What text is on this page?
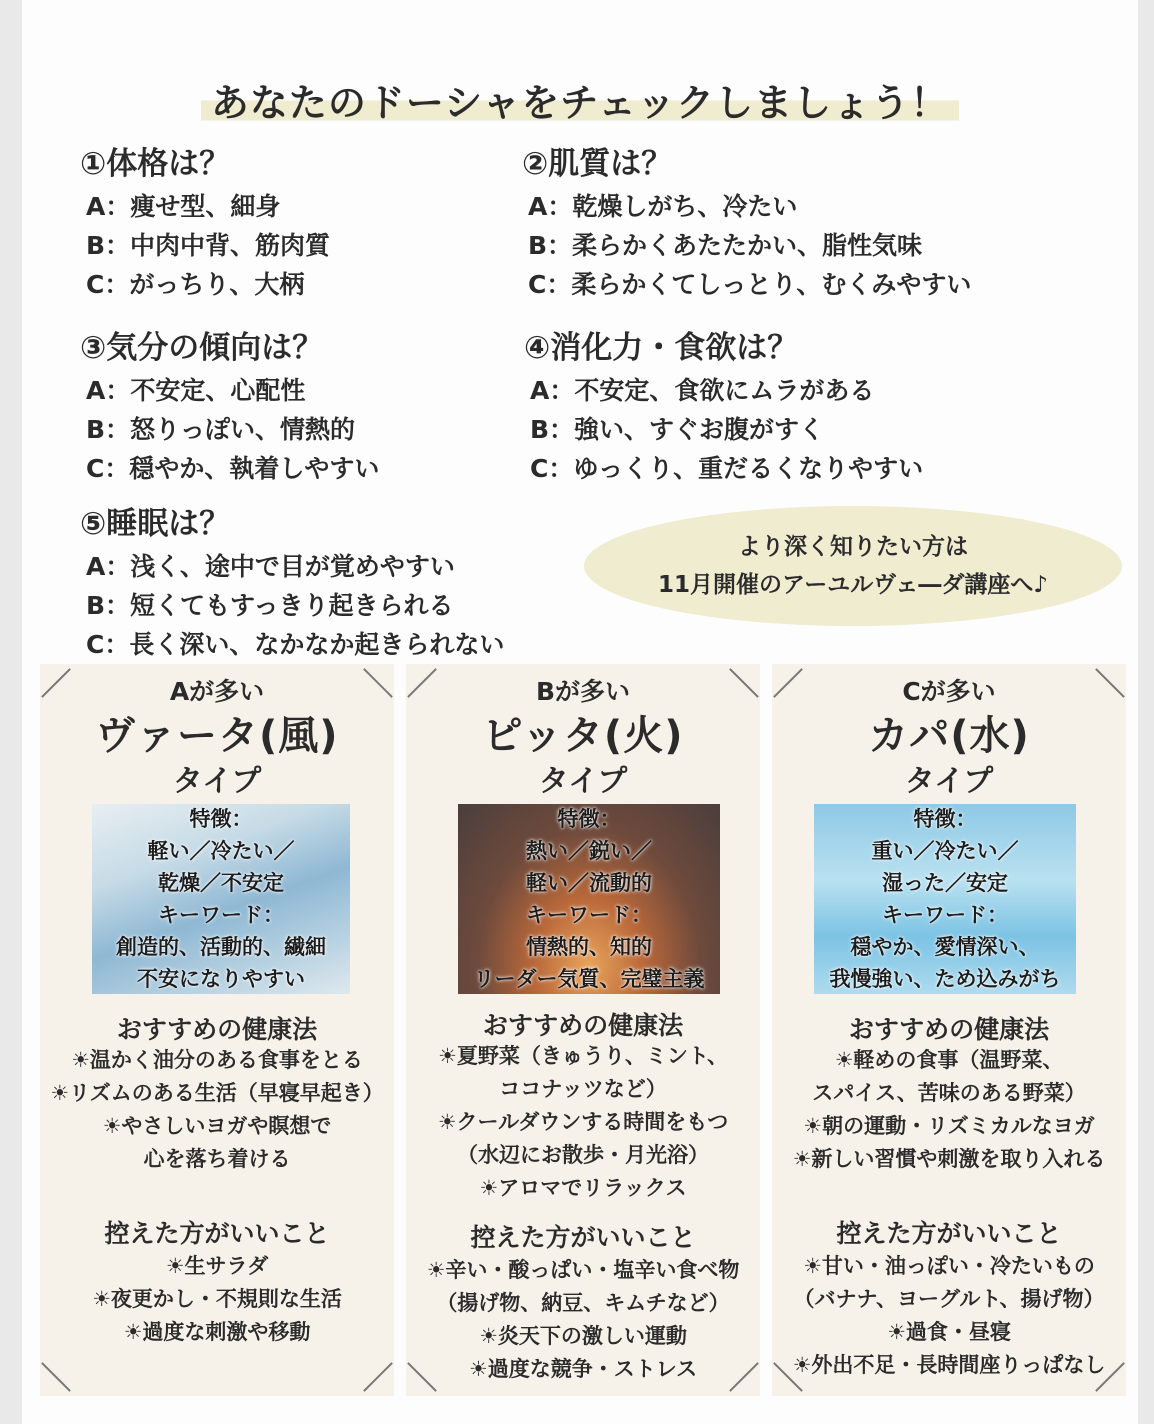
あなたのドーシャをチェックしましょう！
①体格は？
A：痩せ型、細身
B：中肉中背、筋肉質
C：がっちり、大柄
②肌質は？
A：乾燥しがち、冷たい
B：柔らかくあたたかい、脂性気味
C：柔らかくてしっとり、むくみやすい
③気分の傾向は？
A：不安定、心配性
B：怒りっぽい、情熱的
C：穏やか、執着しやすい
④消化力・食欲は？
A：不安定、食欲にムラがある
B：強い、すぐお腹がすく
C：ゆっくり、重だるくなりやすい
⑤睡眠は？
A：浅く、途中で目が覚めやすい
B：短くてもすっきり起きられる
C：長く深い、なかなか起きられない
より深く知りたい方は
11月開催のアーユルヴェ―ダ講座へ♪
Aが多い
ヴァータ(風)
タイプ
特徴：
軽い／冷たい／
乾燥／不安定
キーワード：
創造的、活動的、繊細
不安になりやすい
おすすめの健康法
☀温かく油分のある食事をとる
☀リズムのある生活（早寝早起き）
☀やさしいヨガや瞑想で
心を落ち着ける
控えた方がいいこと
☀生サラダ
☀夜更かし・不規則な生活
☀過度な刺激や移動
Bが多い
ピッタ(火)
タイプ
特徴：
熱い／鋭い／
軽い／流動的
キーワード：
情熱的、知的
リーダー気質、完璧主義
おすすめの健康法
☀夏野菜（きゅうり、ミント、
ココナッツなど）
☀クールダウンする時間をもつ
（水辺にお散歩・月光浴）
☀アロマでリラックス
控えた方がいいこと
☀辛い・酸っぱい・塩辛い食べ物
（揚げ物、納豆、キムチなど）
☀炎天下の激しい運動
☀過度な競争・ストレス
Cが多い
カパ(水)
タイプ
特徴：
重い／冷たい／
湿った／安定
キーワード：
穏やか、愛情深い、
我慢強い、ため込みがち
おすすめの健康法
☀軽めの食事（温野菜、
スパイス、苦味のある野菜）
☀朝の運動・リズミカルなヨガ
☀新しい習慣や刺激を取り入れる
控えた方がいいこと
☀甘い・油っぽい・冷たいもの
（バナナ、ヨーグルト、揚げ物）
☀過食・昼寝
☀外出不足・長時間座りっぱなし
